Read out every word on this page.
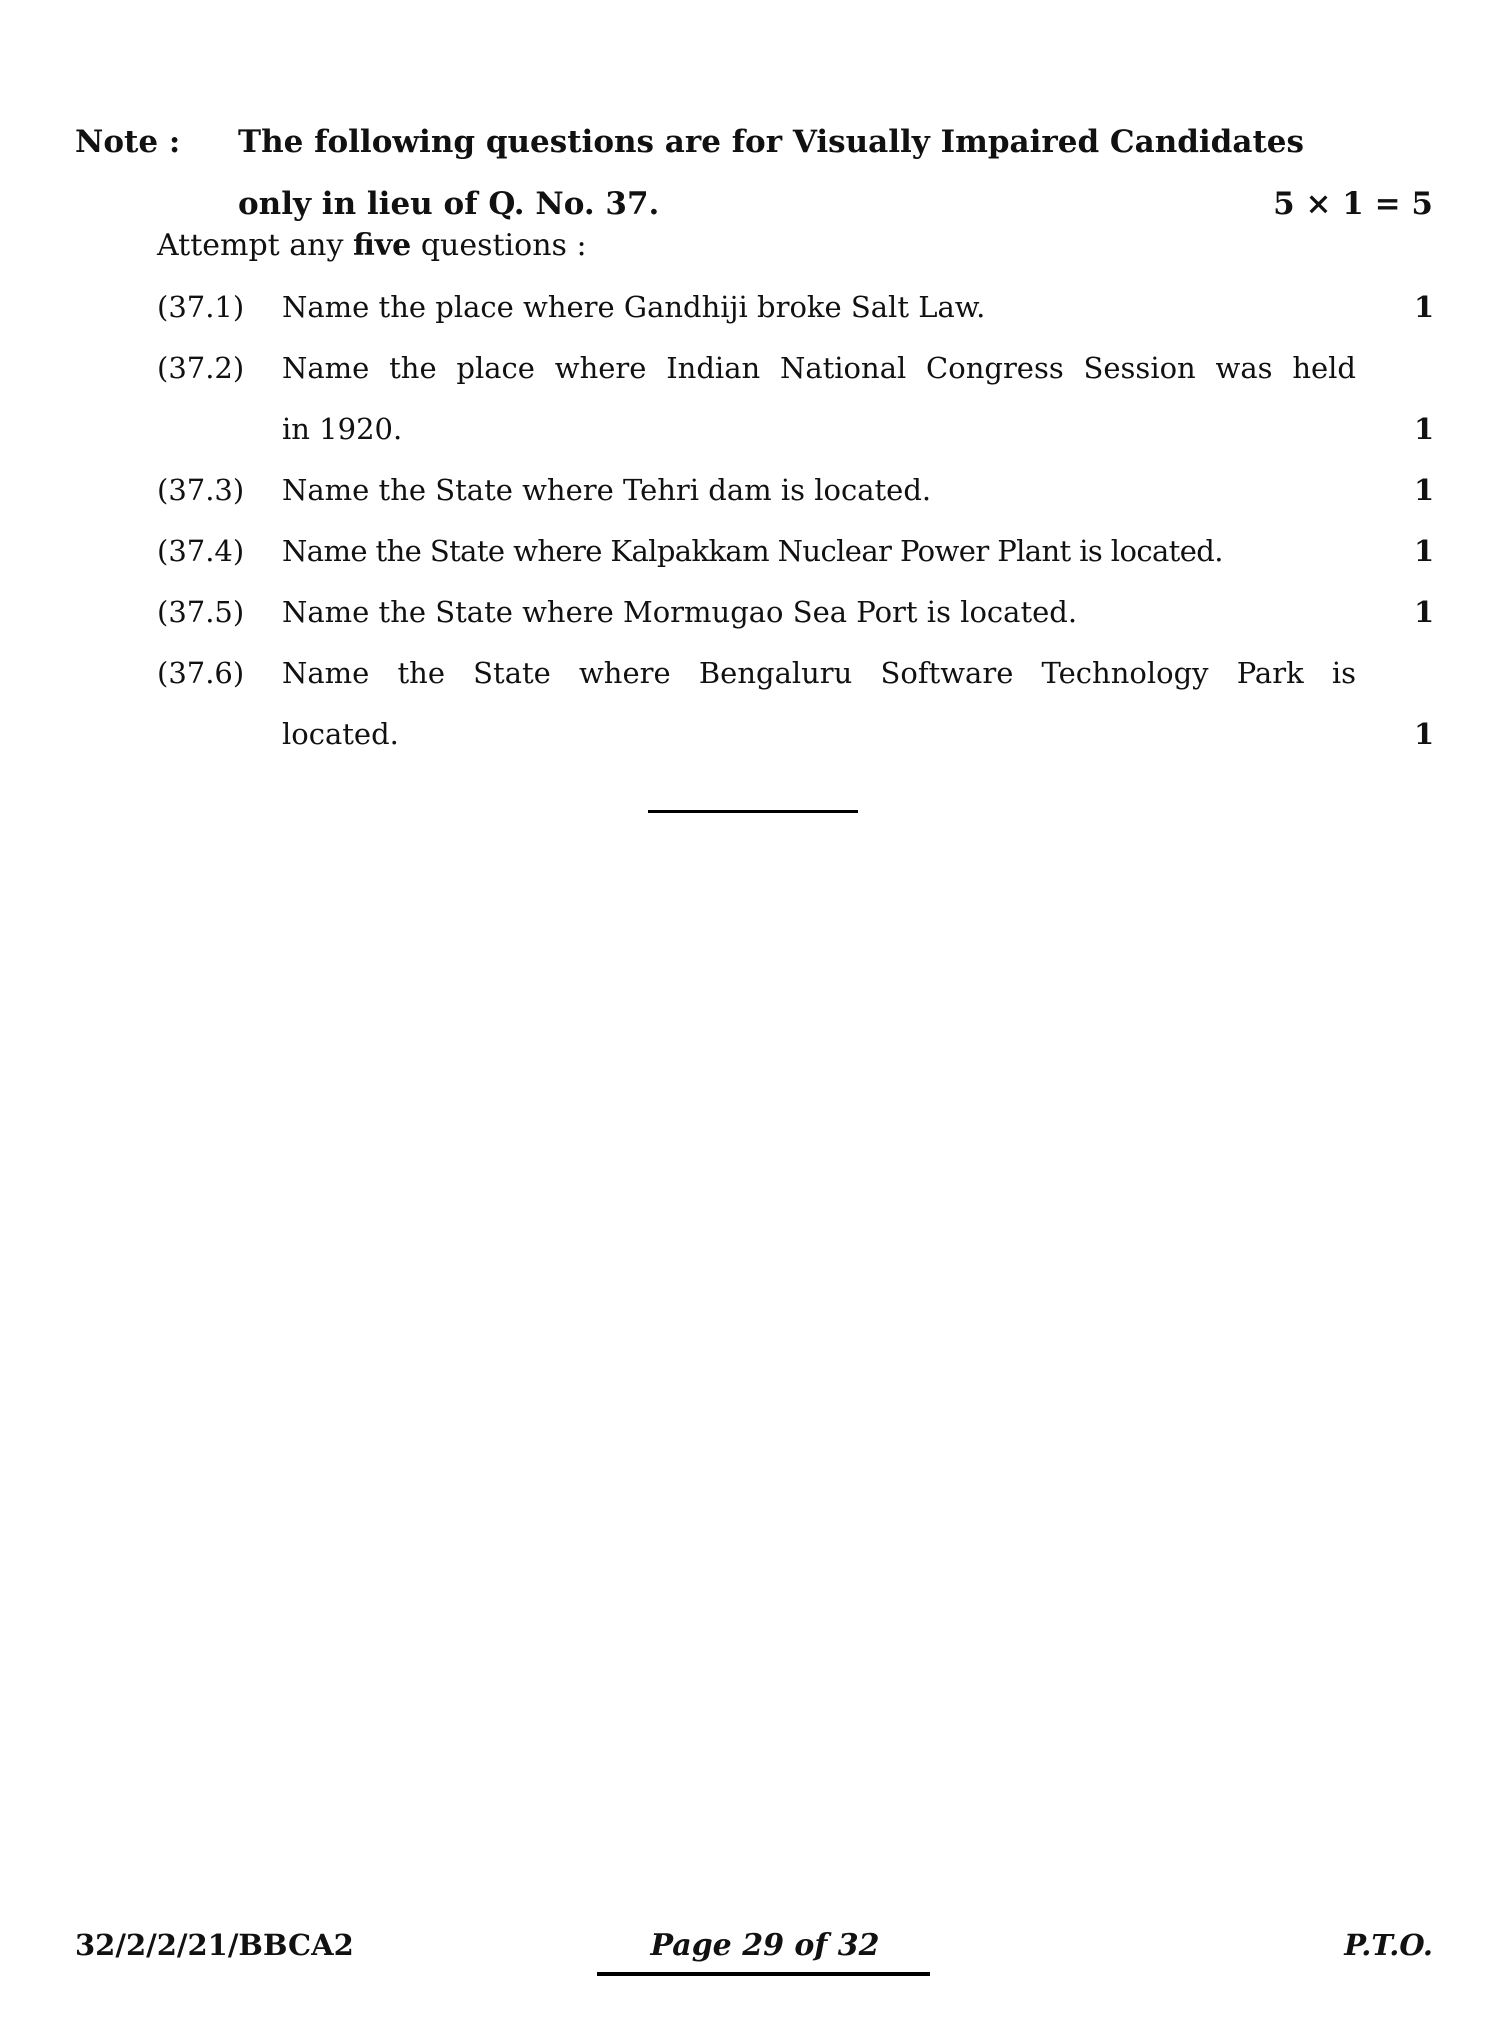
Note : The following questions are for Visually Impaired Candidates
only in lieu of Q. No. 37.	5 × 1 = 5
Attempt any five questions :
(37.1) Name the place where Gandhiji broke Salt Law.	1
(37.2) Name the place where Indian National Congress Session was held
in 1920.	1
(37.3) Name the State where Tehri dam is located.	1
(37.4) Name the State where Kalpakkam Nuclear Power Plant is located.	1
(37.5) Name the State where Mormugao Sea Port is located.	1
(37.6) Name the State where Bengaluru Software Technology Park is
located.	1
32/2/2/21/BBCA2	Page 29 of 32	P.T.O.
